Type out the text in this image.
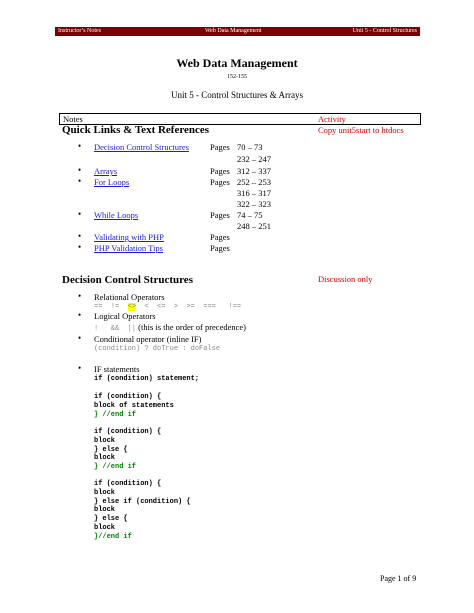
Instructor’s Notes	Web Data Management	Unit 5 - Control Structures
Web Data Management
152-155
Unit 5 - Control Structures & Arrays
Notes	Activity
Quick Links & Text References	Copy unit5start to htdocs
• Decision Control Structures Pages 70 – 73
232 – 247
• Arrays	Pages 312 – 337
• For Loops	Pages 252 – 253
316 – 317
322 – 323
• While Loops	Pages 74 – 75
248 – 251
• Validating with PHP	Pages
• PHP Validation Tips	Pages
Decision Control Structures	Discussion only
• Relational Operators
== != <> < <= > >= === !==
• Logical Operators
!   &&  || (this is the order of precedence)
• Conditional operator (inline IF)
(condition) ? doTrue : doFalse
• IF statements
if (condition) statement;
if (condition) {
block of statements
} //end if
if (condition) {
block
} else {
block
} //end if
if (condition) {
block
} else if (condition) {
block
} else {
block
}//end if
Page 1 of 9
